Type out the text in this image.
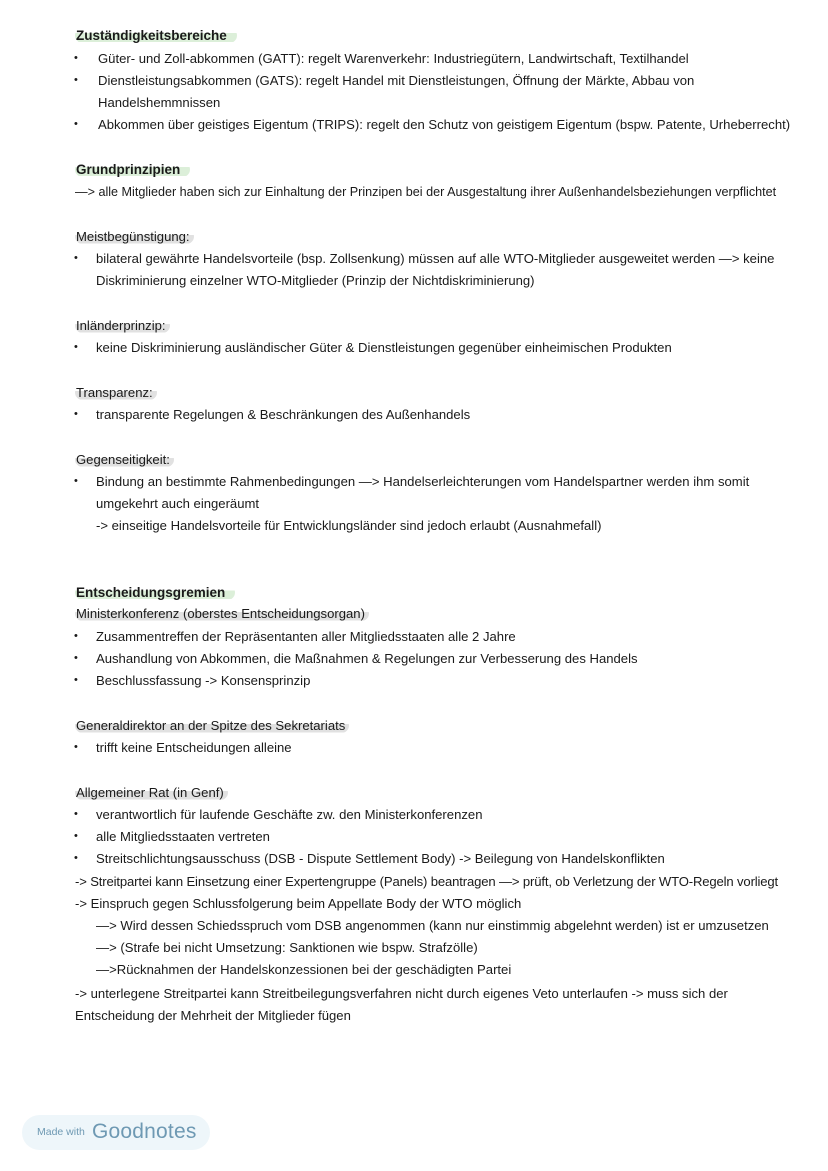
Zuständigkeitsbereiche
• Güter- und Zoll-abkommen (GATT): regelt Warenverkehr: Industriegütern, Landwirtschaft, Textilhandel
• Dienstleistungsabkommen (GATS): regelt Handel mit Dienstleistungen, Öffnung der Märkte, Abbau von
Handelshemmnissen
• Abkommen über geistiges Eigentum (TRIPS): regelt den Schutz von geistigem Eigentum (bspw. Patente, Urheberrecht)
Grundprinzipien
—> alle Mitglieder haben sich zur Einhaltung der Prinzipen bei der Ausgestaltung ihrer Außenhandelsbeziehungen verpflichtet
Meistbegünstigung:
• bilateral gewährte Handelsvorteile (bsp. Zollsenkung) müssen auf alle WTO-Mitglieder ausgeweitet werden —> keine
Diskriminierung einzelner WTO-Mitglieder (Prinzip der Nichtdiskriminierung)
Inländerprinzip:
• keine Diskriminierung ausländischer Güter & Dienstleistungen gegenüber einheimischen Produkten
Transparenz:
• transparente Regelungen & Beschränkungen des Außenhandels
Gegenseitigkeit:
• Bindung an bestimmte Rahmenbedingungen —> Handelserleichterungen vom Handelspartner werden ihm somit
umgekehrt auch eingeräumt
-> einseitige Handelsvorteile für Entwicklungsländer sind jedoch erlaubt (Ausnahmefall)
Entscheidungsgremien
Ministerkonferenz (oberstes Entscheidungsorgan)
• Zusammentreffen der Repräsentanten aller Mitgliedsstaaten alle 2 Jahre
• Aushandlung von Abkommen, die Maßnahmen & Regelungen zur Verbesserung des Handels
• Beschlussfassung -> Konsensprinzip
Generaldirektor an der Spitze des Sekretariats
• trifft keine Entscheidungen alleine
Allgemeiner Rat (in Genf)
• verantwortlich für laufende Geschäfte zw. den Ministerkonferenzen
• alle Mitgliedsstaaten vertreten
• Streitschlichtungsausschuss (DSB - Dispute Settlement Body) -> Beilegung von Handelskonflikten
-> Streitpartei kann Einsetzung einer Expertengruppe (Panels) beantragen —> prüft, ob Verletzung der WTO-Regeln vorliegt
-> Einspruch gegen Schlussfolgerung beim Appellate Body der WTO möglich
—> Wird dessen Schiedsspruch vom DSB angenommen (kann nur einstimmig abgelehnt werden) ist er umzusetzen
—> (Strafe bei nicht Umsetzung: Sanktionen wie bspw. Strafzölle)
—>Rücknahmen der Handelskonzessionen bei der geschädigten Partei
-> unterlegene Streitpartei kann Streitbeilegungsverfahren nicht durch eigenes Veto unterlaufen -> muss sich der
Entscheidung der Mehrheit der Mitglieder fügen
Made with Goodnotes
